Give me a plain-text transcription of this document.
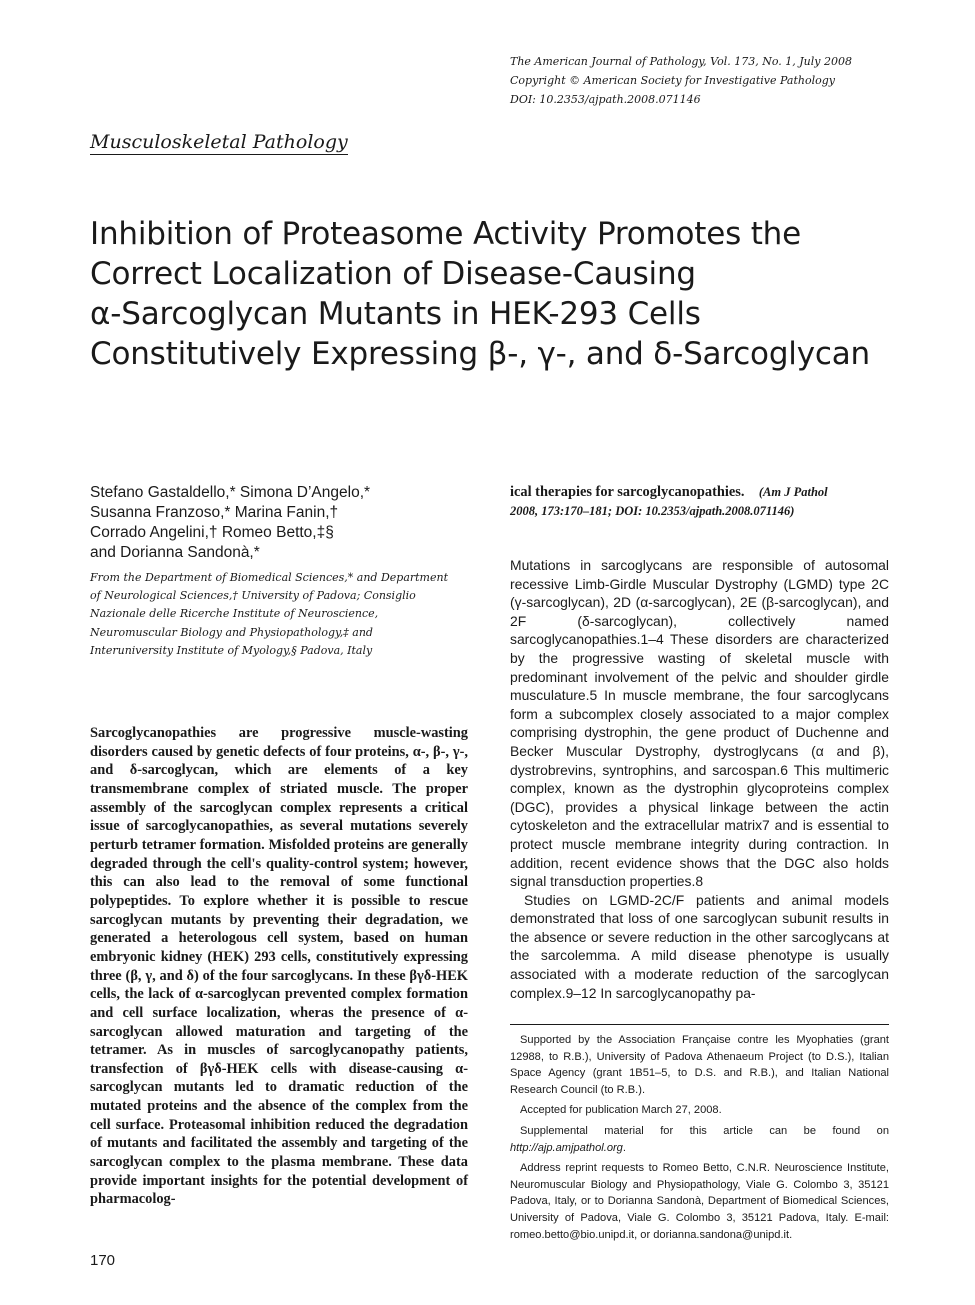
The American Journal of Pathology, Vol. 173, No. 1, July 2008
Copyright © American Society for Investigative Pathology
DOI: 10.2353/ajpath.2008.071146
Musculoskeletal Pathology
Inhibition of Proteasome Activity Promotes the
Correct Localization of Disease-Causing
α-Sarcoglycan Mutants in HEK-293 Cells
Constitutively Expressing β-, γ-, and δ-Sarcoglycan
Stefano Gastaldello,* Simona D’Angelo,*
Susanna Franzoso,* Marina Fanin,†
Corrado Angelini,† Romeo Betto,‡§
and Dorianna Sandonà,*
From the Department of Biomedical Sciences,* and Department
of Neurological Sciences,† University of Padova; Consiglio
Nazionale delle Ricerche Institute of Neuroscience,
Neuromuscular Biology and Physiopathology,‡ and
Interuniversity Institute of Myology,§ Padova, Italy

Sarcoglycanopathies are progressive muscle-wasting disorders caused by genetic defects of four proteins, α-, β-, γ-, and δ-sarcoglycan, which are elements of a key transmembrane complex of striated muscle. The proper assembly of the sarcoglycan complex represents a critical issue of sarcoglycanopathies, as several mutations severely perturb tetramer formation. Misfolded proteins are generally degraded through the cell's quality-control system; however, this can also lead to the removal of some functional polypeptides. To explore whether it is possible to rescue sarcoglycan mutants by preventing their degradation, we generated a heterologous cell system, based on human embryonic kidney (HEK) 293 cells, constitutively expressing three (β, γ, and δ) of the four sarcoglycans. In these βγδ-HEK cells, the lack of α-sarcoglycan prevented complex formation and cell surface localization, wheras the presence of α-sarcoglycan allowed maturation and targeting of the tetramer. As in muscles of sarcoglycanopathy patients, transfection of βγδ-HEK cells with disease-causing α-sarcoglycan mutants led to dramatic reduction of the mutated proteins and the absence of the complex from the cell surface. Proteasomal inhibition reduced the degradation of mutants and facilitated the assembly and targeting of the sarcoglycan complex to the plasma membrane. These data provide important insights for the potential development of pharmacolog-

ical therapies for sarcoglycanopathies. (Am J Pathol
2008, 173:170–181; DOI: 10.2353/ajpath.2008.071146)

Mutations in sarcoglycans are responsible of autosomal recessive Limb-Girdle Muscular Dystrophy (LGMD) type 2C (γ-sarcoglycan), 2D (α-sarcoglycan), 2E (β-sarcoglycan), and 2F (δ-sarcoglycan), collectively named sarcoglycanopathies.1–4 These disorders are characterized by the progressive wasting of skeletal muscle with predominant involvement of the pelvic and shoulder girdle musculature.5 In muscle membrane, the four sarcoglycans form a subcomplex closely associated to a major complex comprising dystrophin, the gene product of Duchenne and Becker Muscular Dystrophy, dystroglycans (α and β), dystrobrevins, syntrophins, and sarcospan.6 This multimeric complex, known as the dystrophin glycoproteins complex (DGC), provides a physical linkage between the actin cytoskeleton and the extracellular matrix7 and is essential to protect muscle membrane integrity during contraction. In addition, recent evidence shows that the DGC also holds signal transduction properties.8

Studies on LGMD-2C/F patients and animal models demonstrated that loss of one sarcoglycan subunit results in the absence or severe reduction in the other sarcoglycans at the sarcolemma. A mild disease phenotype is usually associated with a moderate reduction of the sarcoglycan complex.9–12 In sarcoglycanopathy pa-

Supported by the Association Française contre les Myophaties (grant 12988, to R.B.), University of Padova Athenaeum Project (to D.S.), Italian Space Agency (grant 1B51–5, to D.S. and R.B.), and Italian National Research Council (to R.B.).

Accepted for publication March 27, 2008.

Supplemental material for this article can be found on http://ajp.amjpathol.org.

Address reprint requests to Romeo Betto, C.N.R. Neuroscience Institute, Neuromuscular Biology and Physiopathology, Viale G. Colombo 3, 35121 Padova, Italy, or to Dorianna Sandonà, Department of Biomedical Sciences, University of Padova, Viale G. Colombo 3, 35121 Padova, Italy. E-mail: romeo.betto@bio.unipd.it, or dorianna.sandona@unipd.it.

170
